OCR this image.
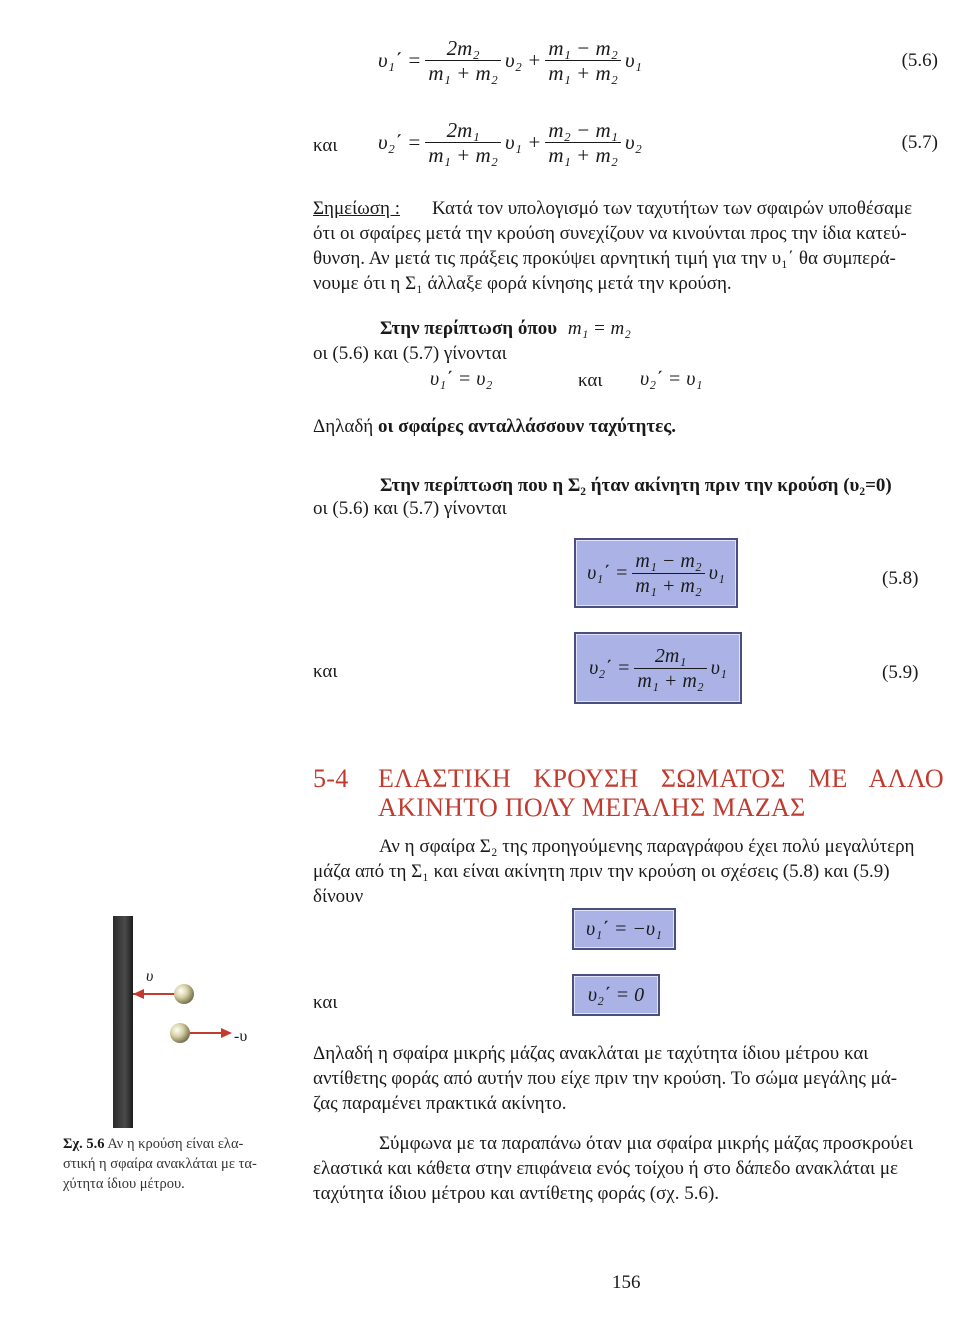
$\upsilon_1΄ = \frac{\text{2m₂}}{\text{m₁ + m₂}} \upsilon_2 + \frac{\text{m₁ − m₂}}{\text{m₁ + m₂}} \upsilon_1$	(5.6)
και $\upsilon_2΄ = \frac{\text{2m₁}}{\text{m₁ + m₂}} \upsilon_1 + \frac{\text{m₂ − m₁}}{\text{m₁ + m₂}} \upsilon_2$	(5.7)
Σημείωση : Κατά τον υπολογισμό των ταχυτήτων των σφαιρών υποθέσαμε
ότι οι σφαίρες μετά την κρούση συνεχίζουν να κινούνται προς την ίδια κατεύ-
θυνση. Αν μετά τις πράξεις προκύψει αρνητική τιμή για την υ₁΄ θα συμπερά-
νουμε ότι η Σ₁ άλλαξε φορά κίνησης μετά την κρούση.
Στην περίπτωση όπου m₁ = m₂
οι (5.6) και (5.7) γίνονται
υ₁΄ = υ₂	και υ₂΄ = υ₁
Δηλαδή οι σφαίρες ανταλλάσσουν ταχύτητες.
Στην περίπτωση που η Σ₂ ήταν ακίνητη πριν την κρούση (υ₂=0)
οι (5.6) και (5.7) γίνονται
$\upsilon_1΄ = \frac{\text{m₁ − m₂}}{\text{m₁ + m₂}} \upsilon_1$	(5.8)
και	$\upsilon_2΄ = \frac{\text{2m₁}}{\text{m₁ + m₂}} \upsilon_1$	(5.9)
5-4 ΕΛΑΣΤΙΚΗ ΚΡΟΥΣΗ ΣΩΜΑΤΟΣ ΜΕ ΑΛΛΟ
ΑΚΙΝΗΤΟ ΠΟΛΥ ΜΕΓΑΛΗΣ ΜΑΖΑΣ
Αν η σφαίρα Σ₂ της προηγούμενης παραγράφου έχει πολύ μεγαλύτερη
μάζα από τη Σ₁ και είναι ακίνητη πριν την κρούση οι σχέσεις (5.8) και (5.9)
δίνουν
υ₁΄ = −υ₁
και	υ₂΄ = 0
Δηλαδή η σφαίρα μικρής μάζας ανακλάται με ταχύτητα ίδιου μέτρου και
αντίθετης φοράς από αυτήν που είχε πριν την κρούση. Το σώμα μεγάλης μά-
ζας παραμένει πρακτικά ακίνητο.
Σύμφωνα με τα παραπάνω όταν μια σφαίρα μικρής μάζας προσκρούει
ελαστικά και κάθετα στην επιφάνεια ενός τοίχου ή στο δάπεδο ανακλάται με
ταχύτητα ίδιου μέτρου και αντίθετης φοράς (σχ. 5.6).
υ
-υ
Σχ. 5.6 Αν η κρούση είναι ελα-
στική η σφαίρα ανακλάται με τα-
χύτητα ίδιου μέτρου.
156
